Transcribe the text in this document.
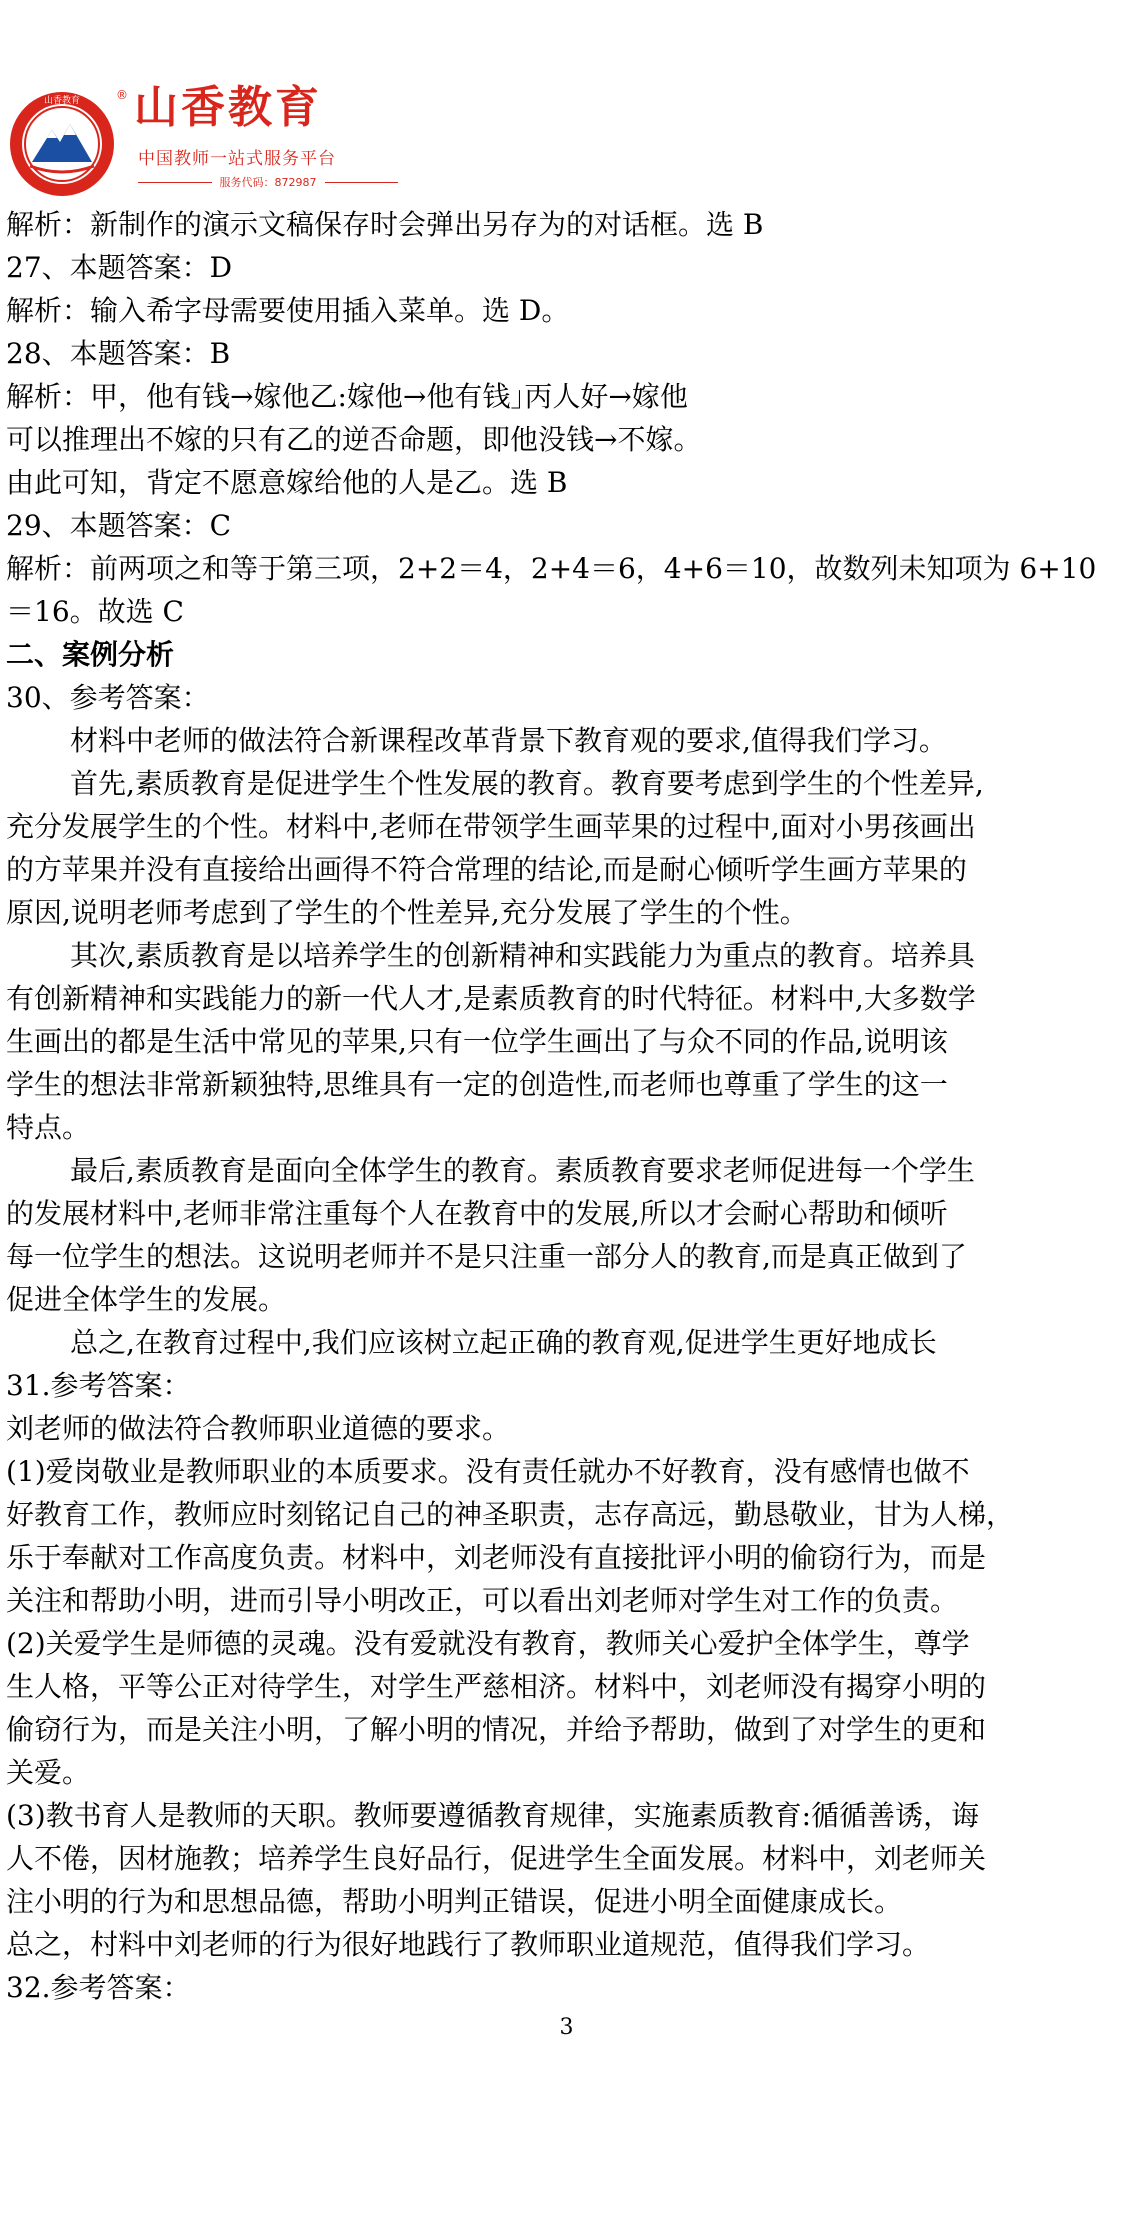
山香教育 山香教育
®
中国教师一站式服务平台
服务代码：872987
解析：新制作的演示文稿保存时会弹出另存为的对话框。选 B
27、本题答案：D
解析：输入希字母需要使用插入菜单。选 D。
28、本题答案：B
解析：甲，他有钱→嫁他乙:嫁他→他有钱｣丙人好→嫁他
可以推理出不嫁的只有乙的逆否命题，即他没钱→不嫁。
由此可知，背定不愿意嫁给他的人是乙。选 B
29、本题答案：C
解析：前两项之和等于第三项，2+2＝4，2+4＝6，4+6＝10，故数列未知项为 6+10
＝16。故选 C
二、案例分析
30、参考答案：
材料中老师的做法符合新课程改革背景下教育观的要求,值得我们学习。
首先,素质教育是促进学生个性发展的教育。教育要考虑到学生的个性差异,
充分发展学生的个性。材料中,老师在带领学生画苹果的过程中,面对小男孩画出
的方苹果并没有直接给出画得不符合常理的结论,而是耐心倾听学生画方苹果的
原因,说明老师考虑到了学生的个性差异,充分发展了学生的个性。
其次,素质教育是以培养学生的创新精神和实践能力为重点的教育。培养具
有创新精神和实践能力的新一代人才,是素质教育的时代特征。材料中,大多数学
生画出的都是生活中常见的苹果,只有一位学生画出了与众不同的作品,说明该
学生的想法非常新颖独特,思维具有一定的创造性,而老师也尊重了学生的这一
特点。
最后,素质教育是面向全体学生的教育。素质教育要求老师促进每一个学生
的发展材料中,老师非常注重每个人在教育中的发展,所以才会耐心帮助和倾听
每一位学生的想法。这说明老师并不是只注重一部分人的教育,而是真正做到了
促进全体学生的发展。
总之,在教育过程中,我们应该树立起正确的教育观,促进学生更好地成长
31.参考答案：
刘老师的做法符合教师职业道德的要求。
(1)爱岗敬业是教师职业的本质要求。没有责任就办不好教育，没有感情也做不
好教育工作，教师应时刻铭记自己的神圣职责，志存高远，勤恳敬业，甘为人梯，
乐于奉献对工作高度负责。材料中，刘老师没有直接批评小明的偷窃行为，而是
关注和帮助小明，进而引导小明改正，可以看出刘老师对学生对工作的负责。
(2)关爱学生是师德的灵魂。没有爱就没有教育，教师关心爱护全体学生，尊学
生人格，平等公正对待学生，对学生严慈相济。材料中，刘老师没有揭穿小明的
偷窃行为，而是关注小明，了解小明的情况，并给予帮助，做到了对学生的更和
关爱。
(3)教书育人是教师的天职。教师要遵循教育规律，实施素质教育:循循善诱，诲
人不倦，因材施教；培养学生良好品行，促进学生全面发展。材料中，刘老师关
注小明的行为和思想品德，帮助小明判正错误，促进小明全面健康成长。
总之，村料中刘老师的行为很好地践行了教师职业道规范，值得我们学习。
32.参考答案：
3
